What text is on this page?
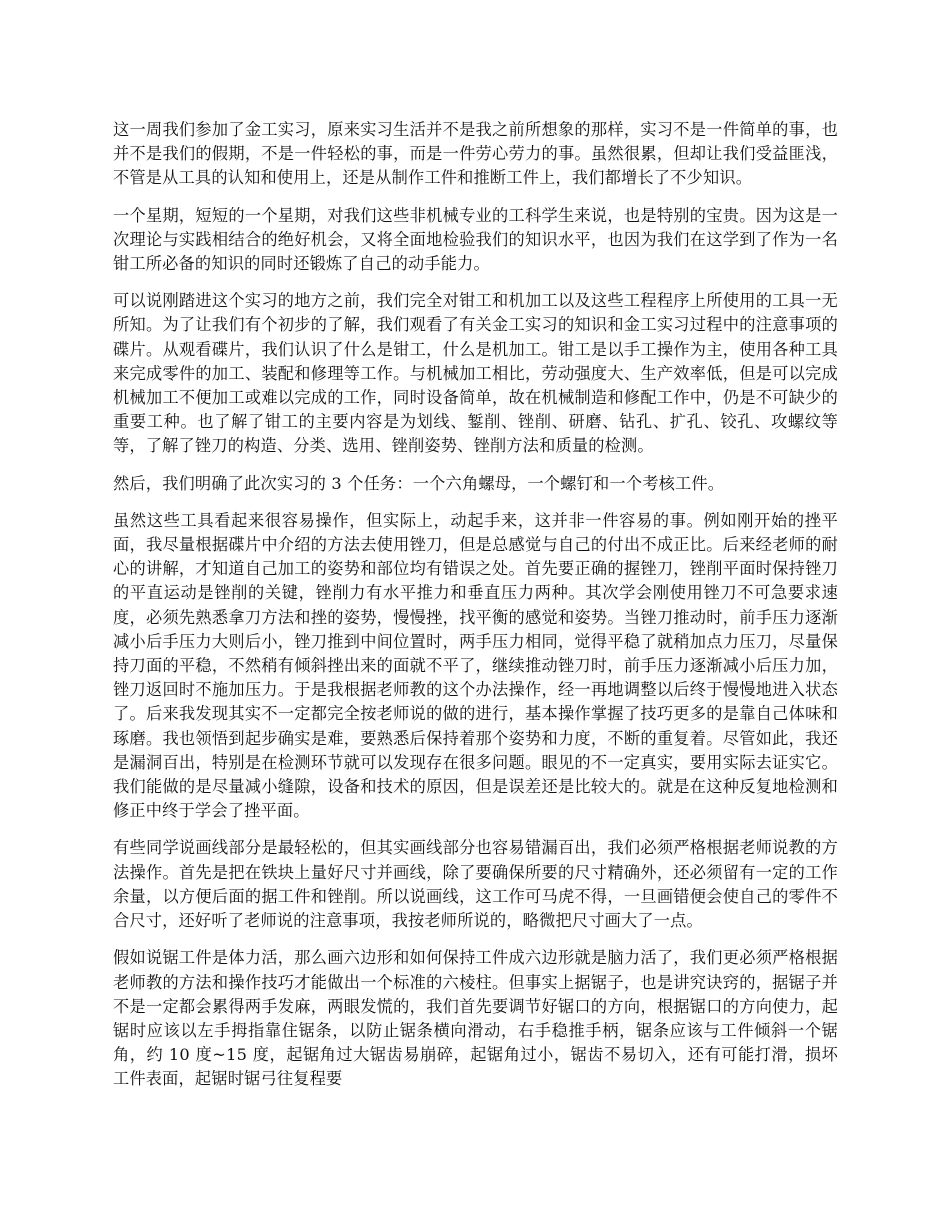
这一周我们参加了金工实习，原来实习生活并不是我之前所想象的那样，实习不是一件简单的事，也并不是我们的假期，不是一件轻松的事，而是一件劳心劳力的事。虽然很累，但却让我们受益匪浅，不管是从工具的认知和使用上，还是从制作工件和推断工件上，我们都增长了不少知识。

一个星期，短短的一个星期，对我们这些非机械专业的工科学生来说，也是特别的宝贵。因为这是一次理论与实践相结合的绝好机会，又将全面地检验我们的知识水平，也因为我们在这学到了作为一名钳工所必备的知识的同时还锻炼了自己的动手能力。

可以说刚踏进这个实习的地方之前，我们完全对钳工和机加工以及这些工程程序上所使用的工具一无所知。为了让我们有个初步的了解，我们观看了有关金工实习的知识和金工实习过程中的注意事项的碟片。从观看碟片，我们认识了什么是钳工，什么是机加工。钳工是以手工操作为主，使用各种工具来完成零件的加工、装配和修理等工作。与机械加工相比，劳动强度大、生产效率低，但是可以完成机械加工不便加工或难以完成的工作，同时设备简单，故在机械制造和修配工作中，仍是不可缺少的重要工种。也了解了钳工的主要内容是为划线、錾削、锉削、研磨、钻孔、扩孔、铰孔、攻螺纹等等，了解了锉刀的构造、分类、选用、锉削姿势、锉削方法和质量的检测。

然后，我们明确了此次实习的 3 个任务：一个六角螺母，一个螺钉和一个考核工件。

虽然这些工具看起来很容易操作，但实际上，动起手来，这并非一件容易的事。例如刚开始的挫平面，我尽量根据碟片中介绍的方法去使用锉刀，但是总感觉与自己的付出不成正比。后来经老师的耐心的讲解，才知道自己加工的姿势和部位均有错误之处。首先要正确的握锉刀，锉削平面时保持锉刀的平直运动是锉削的关键，锉削力有水平推力和垂直压力两种。其次学会刚使用锉刀不可急要求速度，必须先熟悉拿刀方法和挫的姿势，慢慢挫，找平衡的感觉和姿势。当锉刀推动时，前手压力逐渐减小后手压力大则后小，锉刀推到中间位置时，两手压力相同，觉得平稳了就稍加点力压刀，尽量保持刀面的平稳，不然稍有倾斜挫出来的面就不平了，继续推动锉刀时，前手压力逐渐减小后压力加，锉刀返回时不施加压力。于是我根据老师教的这个办法操作，经一再地调整以后终于慢慢地进入状态了。后来我发现其实不一定都完全按老师说的做的进行，基本操作掌握了技巧更多的是靠自己体味和琢磨。我也领悟到起步确实是难，要熟悉后保持着那个姿势和力度，不断的重复着。尽管如此，我还是漏洞百出，特别是在检测环节就可以发现存在很多问题。眼见的不一定真实，要用实际去证实它。我们能做的是尽量减小缝隙，设备和技术的原因，但是误差还是比较大的。就是在这种反复地检测和修正中终于学会了挫平面。

有些同学说画线部分是最轻松的，但其实画线部分也容易错漏百出，我们必须严格根据老师说教的方法操作。首先是把在铁块上量好尺寸并画线，除了要确保所要的尺寸精确外，还必须留有一定的工作余量，以方便后面的据工件和锉削。所以说画线，这工作可马虎不得，一旦画错便会使自己的零件不合尺寸，还好听了老师说的注意事项，我按老师所说的，略微把尺寸画大了一点。

假如说锯工件是体力活，那么画六边形和如何保持工件成六边形就是脑力活了，我们更必须严格根据老师教的方法和操作技巧才能做出一个标准的六棱柱。但事实上据锯子，也是讲究诀窍的，据锯子并不是一定都会累得两手发麻，两眼发慌的，我们首先要调节好锯口的方向，根据锯口的方向使力，起锯时应该以左手拇指靠住锯条，以防止锯条横向滑动，右手稳推手柄，锯条应该与工件倾斜一个锯角，约 10 度~15 度，起锯角过大锯齿易崩碎，起锯角过小，锯齿不易切入，还有可能打滑，损坏工件表面，起锯时锯弓往复程要
